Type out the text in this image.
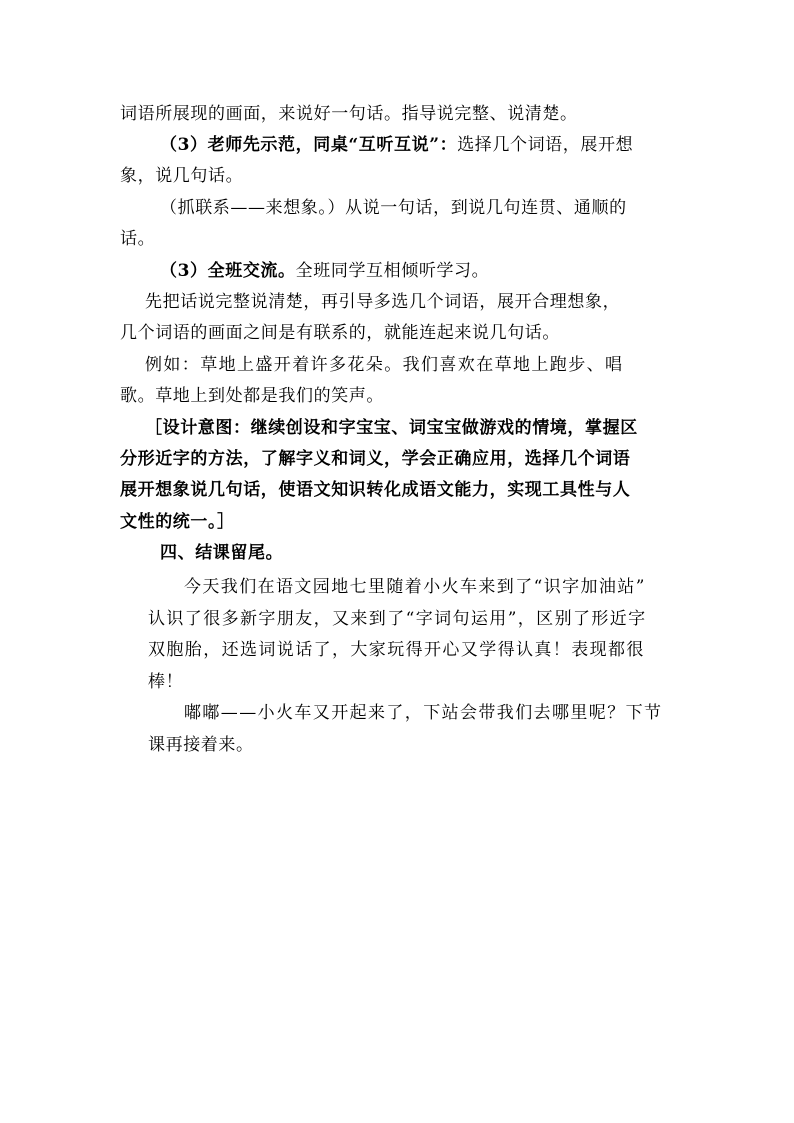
词语所展现的画面，来说好一句话。指导说完整、说清楚。
（3）老师先示范，同桌“互听互说”：选择几个词语，展开想
象，说几句话。
（抓联系——来想象。）从说一句话，到说几句连贯、通顺的
话。
（3）全班交流。全班同学互相倾听学习。
先把话说完整说清楚，再引导多选几个词语，展开合理想象，
几个词语的画面之间是有联系的，就能连起来说几句话。
例如：草地上盛开着许多花朵。我们喜欢在草地上跑步、唱
歌。草地上到处都是我们的笑声。
［设计意图：继续创设和字宝宝、词宝宝做游戏的情境，掌握区
分形近字的方法，了解字义和词义，学会正确应用，选择几个词语
展开想象说几句话，使语文知识转化成语文能力，实现工具性与人
文性的统一。］
四、结课留尾。
今天我们在语文园地七里随着小火车来到了“识字加油站”
认识了很多新字朋友，又来到了“字词句运用”，区别了形近字
双胞胎，还选词说话了，大家玩得开心又学得认真！表现都很
棒！
嘟嘟——小火车又开起来了，下站会带我们去哪里呢？下节
课再接着来。
